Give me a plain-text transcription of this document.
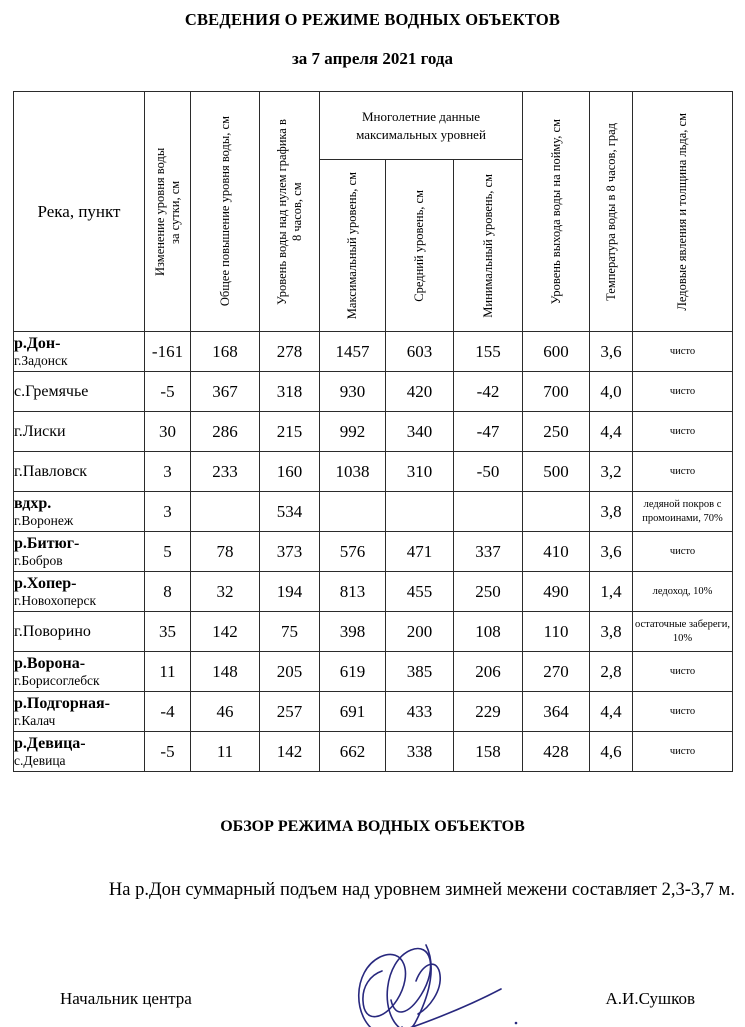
СВЕДЕНИЯ О РЕЖИМЕ ВОДНЫХ ОБЪЕКТОВ
за 7 апреля 2021 года
Река, пункт	Изменение уровня воды за сутки, см	Общее повышение уровня воды, см	Уровень воды над нулем графика в 8 часов, см	Многолетние данные максимальных уровней			Уровень выхода воды на пойму, см	Температура воды в 8 часов, град	Ледовые явления и толщина льда, см

				Максимальный уровень, см	Средний уровень, см	Минимальный уровень, см			

р.Дон-
г.Задонск	-161	168	278	1457	603	155	600	3,6	чисто

с.Гремячье	-5	367	318	930	420	-42	700	4,0	чисто

г.Лиски	30	286	215	992	340	-47	250	4,4	чисто

г.Павловск	3	233	160	1038	310	-50	500	3,2	чисто

вдхр.
г.Воронеж	3		534					3,8	ледяной покров с промоинами, 70%

р.Битюг-
г.Бобров	5	78	373	576	471	337	410	3,6	чисто

р.Хопер-
г.Новохоперск	8	32	194	813	455	250	490	1,4	ледоход, 10%

г.Поворино	35	142	75	398	200	108	110	3,8	остаточные забереги, 10%

р.Ворона-
г.Борисоглебск	11	148	205	619	385	206	270	2,8	чисто

р.Подгорная-
г.Калач	-4	46	257	691	433	229	364	4,4	чисто

р.Девица-
с.Девица	-5	11	142	662	338	158	428	4,6	чисто
ОБЗОР РЕЖИМА ВОДНЫХ ОБЪЕКТОВ

На р.Дон суммарный подъем над уровнем зимней межени составляет 2,3-3,7 м.

Начальник центра	А.И.Сушков
